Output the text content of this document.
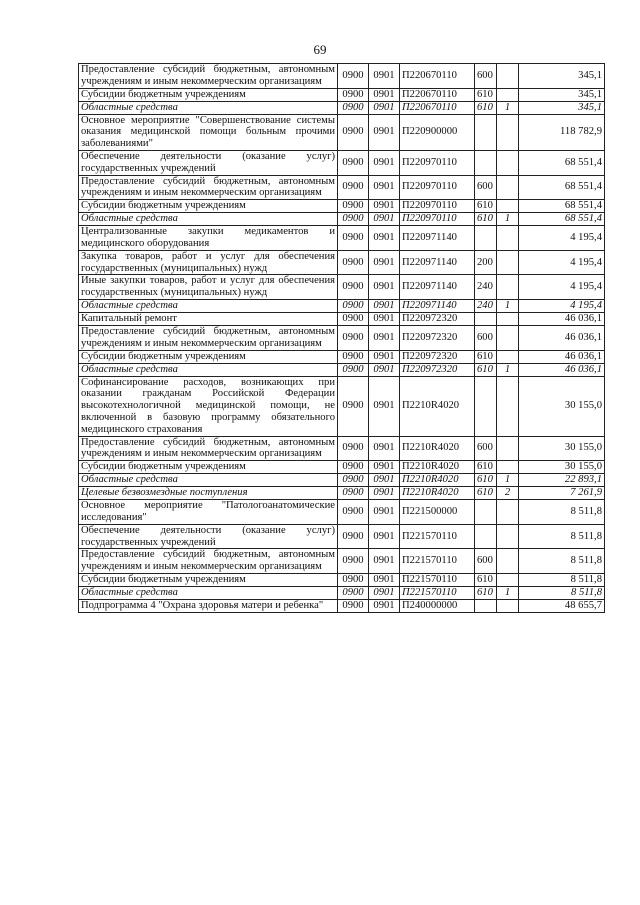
69
Предоставление субсидий бюджетным, автономным учреждениям и иным некоммерческим организациям	0900	0901	П220670110	600		345,1
Субсидии бюджетным учреждениям	0900	0901	П220670110	610		345,1
Областные средства	0900	0901	П220670110	610	1	345,1
Основное мероприятие "Совершенствование системы оказания медицинской помощи больным прочими заболеваниями"	0900	0901	П220900000			118 782,9
Обеспечение деятельности (оказание услуг) государственных учреждений	0900	0901	П220970110			68 551,4
Предоставление субсидий бюджетным, автономным учреждениям и иным некоммерческим организациям	0900	0901	П220970110	600		68 551,4
Субсидии бюджетным учреждениям	0900	0901	П220970110	610		68 551,4
Областные средства	0900	0901	П220970110	610	1	68 551,4
Централизованные закупки медикаментов и медицинского оборудования	0900	0901	П220971140			4 195,4
Закупка товаров, работ и услуг для обеспечения государственных (муниципальных) нужд	0900	0901	П220971140	200		4 195,4
Иные закупки товаров, работ и услуг для обеспечения государственных (муниципальных) нужд	0900	0901	П220971140	240		4 195,4
Областные средства	0900	0901	П220971140	240	1	4 195,4
Капитальный ремонт	0900	0901	П220972320			46 036,1
Предоставление субсидий бюджетным, автономным учреждениям и иным некоммерческим организациям	0900	0901	П220972320	600		46 036,1
Субсидии бюджетным учреждениям	0900	0901	П220972320	610		46 036,1
Областные средства	0900	0901	П220972320	610	1	46 036,1
Софинансирование расходов, возникающих при оказании гражданам Российской Федерации высокотехнологичной медицинской помощи, не включенной в базовую программу обязательного медицинского страхования	0900	0901	П2210R4020			30 155,0
Предоставление субсидий бюджетным, автономным учреждениям и иным некоммерческим организациям	0900	0901	П2210R4020	600		30 155,0
Субсидии бюджетным учреждениям	0900	0901	П2210R4020	610		30 155,0
Областные средства	0900	0901	П2210R4020	610	1	22 893,1
Целевые безвозмездные поступления	0900	0901	П2210R4020	610	2	7 261,9
Основное мероприятие "Патологоанатомические исследования"	0900	0901	П221500000			8 511,8
Обеспечение деятельности (оказание услуг) государственных учреждений	0900	0901	П221570110			8 511,8
Предоставление субсидий бюджетным, автономным учреждениям и иным некоммерческим организациям	0900	0901	П221570110	600		8 511,8
Субсидии бюджетным учреждениям	0900	0901	П221570110	610		8 511,8
Областные средства	0900	0901	П221570110	610	1	8 511,8
Подпрограмма 4 "Охрана здоровья матери и ребенка"	0900	0901	П240000000			48 655,7
